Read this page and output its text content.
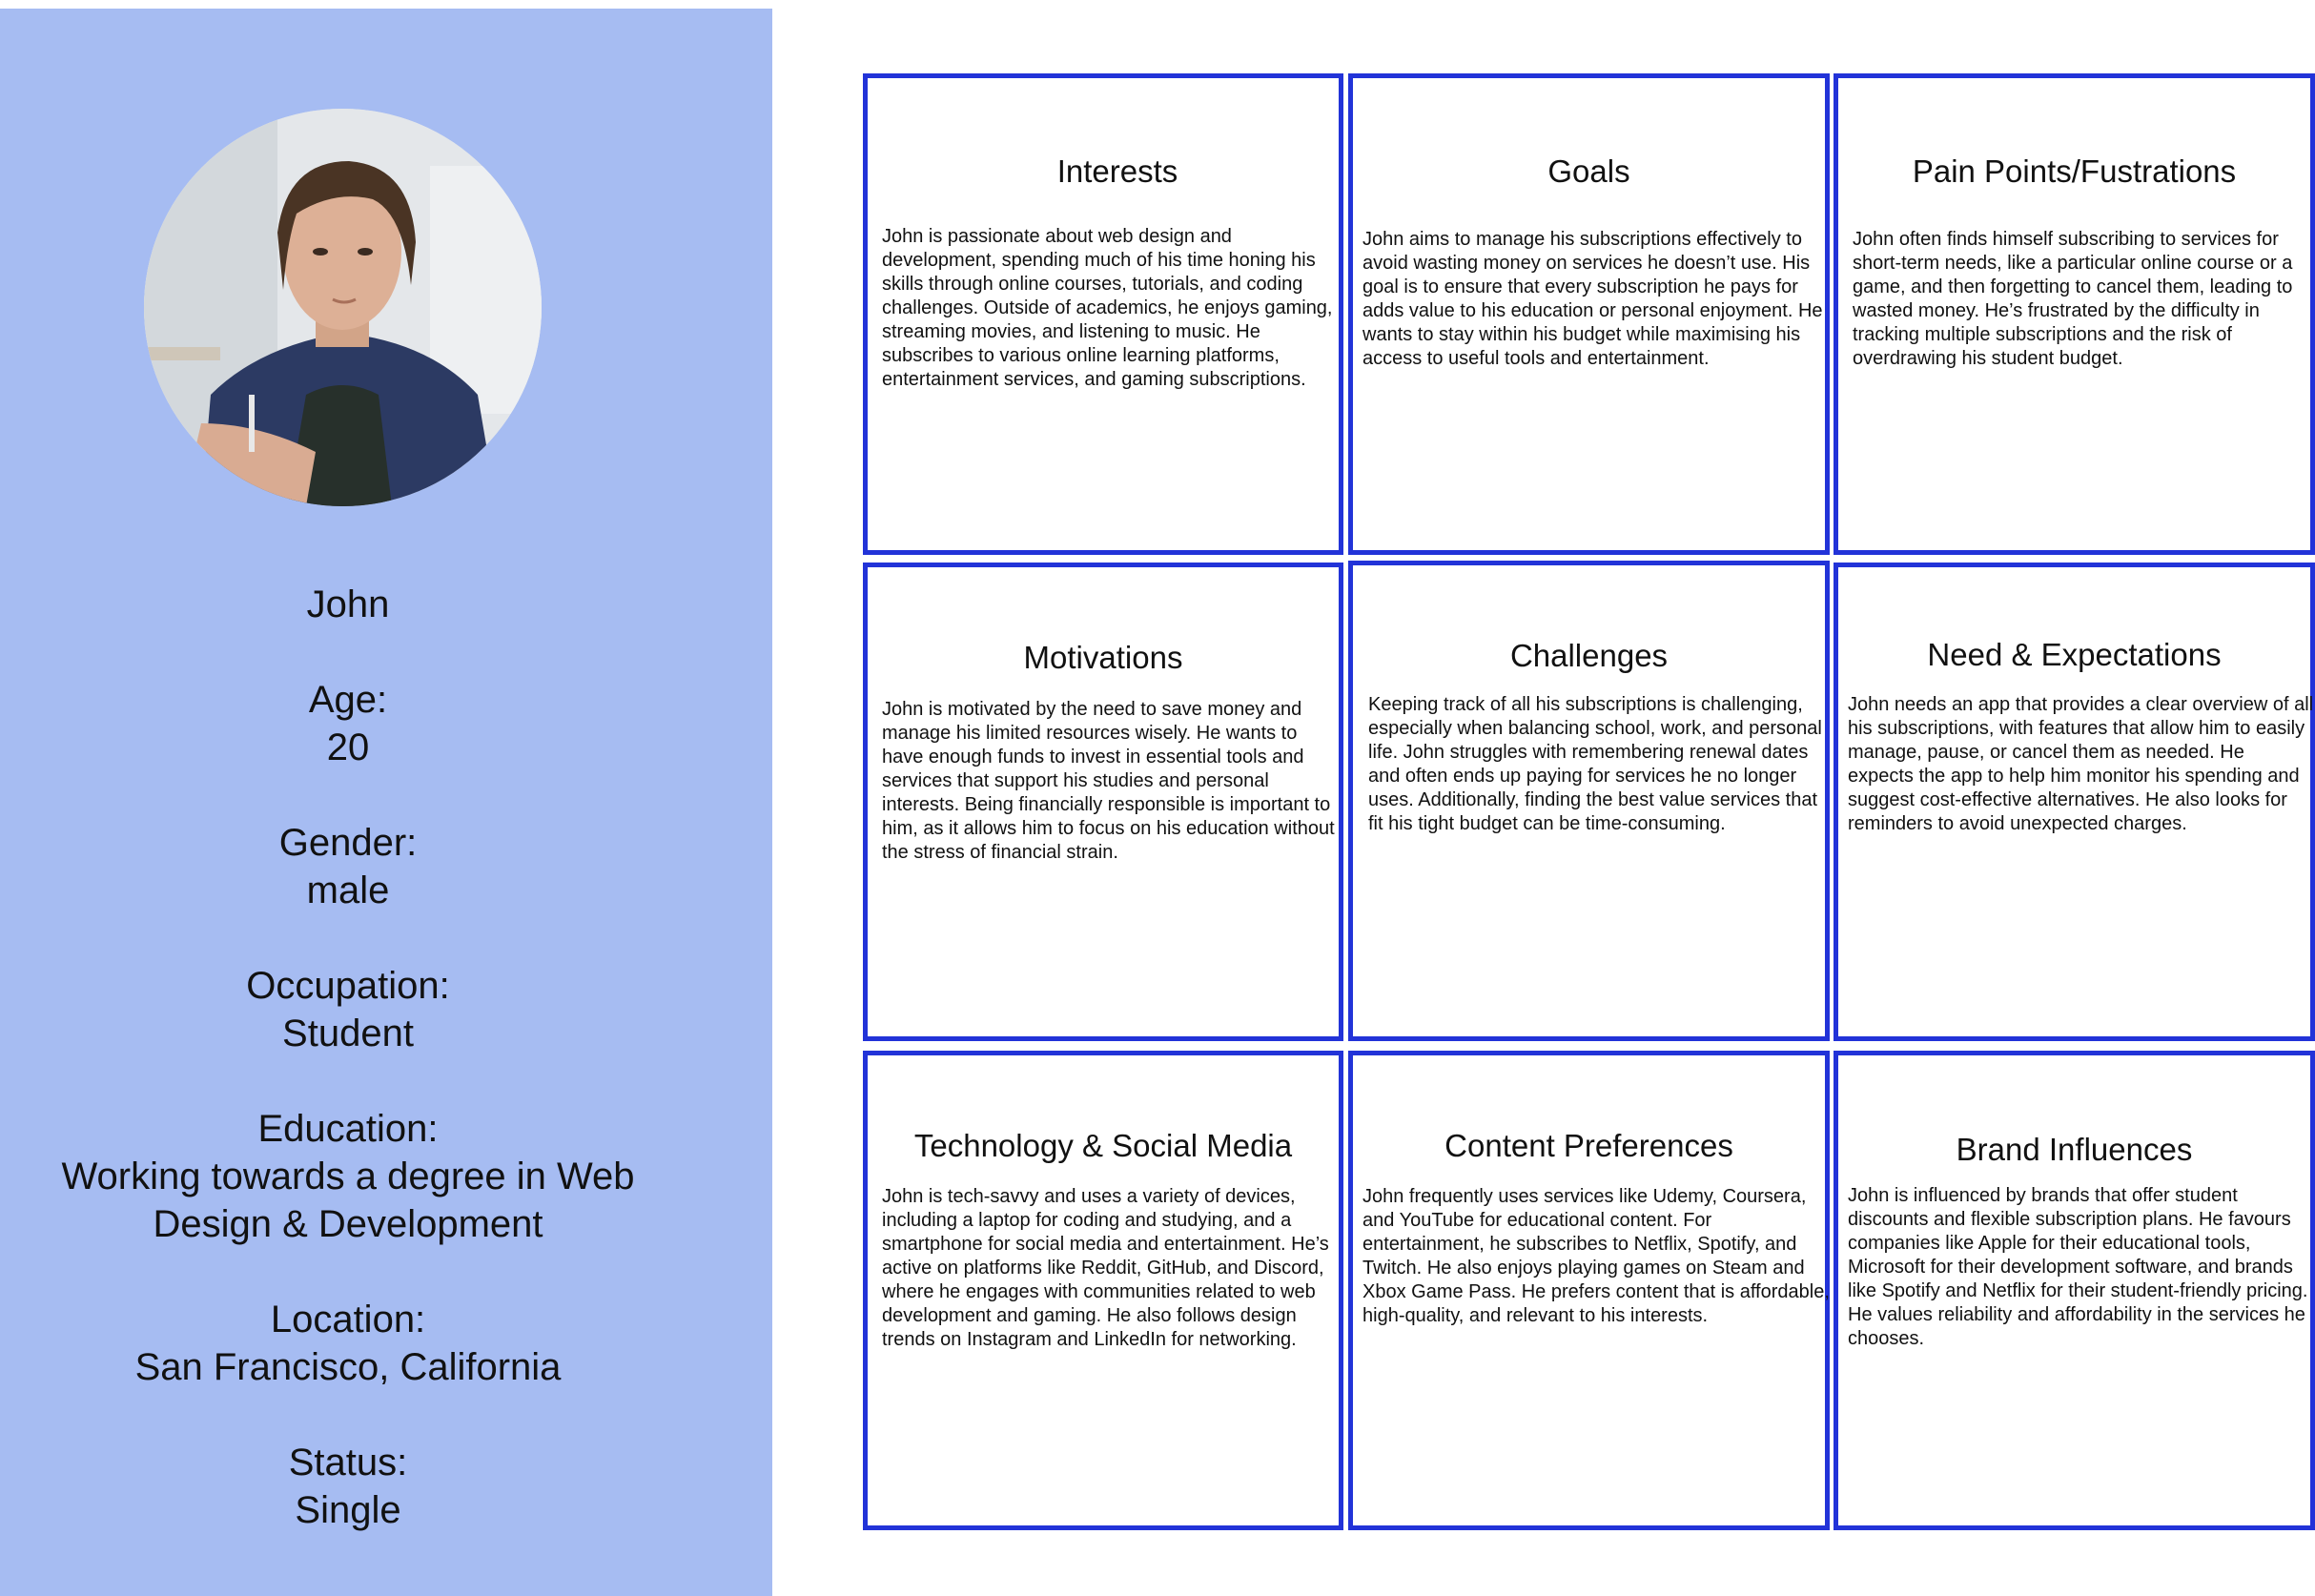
John
Age:
20
Gender:
male
Occupation:
Student
Education:
Working towards a degree in Web Design & Development
Location:
San Francisco, California
Status:
Single
Interests

John is passionate about web design and development, spending much of his time honing his skills through online courses, tutorials, and coding challenges. Outside of academics, he enjoys gaming, streaming movies, and listening to music. He subscribes to various online learning platforms, entertainment services, and gaming subscriptions.

Goals

John aims to manage his subscriptions effectively to avoid wasting money on services he doesn’t use. His goal is to ensure that every subscription he pays for adds value to his education or personal enjoyment. He wants to stay within his budget while maximising his access to useful tools and entertainment.

Pain Points/Fustrations

John often finds himself subscribing to services for short-term needs, like a particular online course or a game, and then forgetting to cancel them, leading to wasted money. He’s frustrated by the difficulty in tracking multiple subscriptions and the risk of overdrawing his student budget.

Motivations

John is motivated by the need to save money and manage his limited resources wisely. He wants to have enough funds to invest in essential tools and services that support his studies and personal interests. Being financially responsible is important to him, as it allows him to focus on his education without the stress of financial strain.

Challenges

Keeping track of all his subscriptions is challenging, especially when balancing school, work, and personal life. John struggles with remembering renewal dates and often ends up paying for services he no longer uses. Additionally, finding the best value services that fit his tight budget can be time-consuming.

Need & Expectations

John needs an app that provides a clear overview of all his subscriptions, with features that allow him to easily manage, pause, or cancel them as needed. He expects the app to help him monitor his spending and suggest cost-effective alternatives. He also looks for reminders to avoid unexpected charges.

Technology & Social Media

John is tech-savvy and uses a variety of devices, including a laptop for coding and studying, and a smartphone for social media and entertainment. He’s active on platforms like Reddit, GitHub, and Discord, where he engages with communities related to web development and gaming. He also follows design trends on Instagram and LinkedIn for networking.

Content Preferences

John frequently uses services like Udemy, Coursera, and YouTube for educational content. For entertainment, he subscribes to Netflix, Spotify, and Twitch. He also enjoys playing games on Steam and Xbox Game Pass. He prefers content that is affordable, high-quality, and relevant to his interests.

Brand Influences

John is influenced by brands that offer student discounts and flexible subscription plans. He favours companies like Apple for their educational tools, Microsoft for their development software, and brands like Spotify and Netflix for their student-friendly pricing. He values reliability and affordability in the services he chooses.
